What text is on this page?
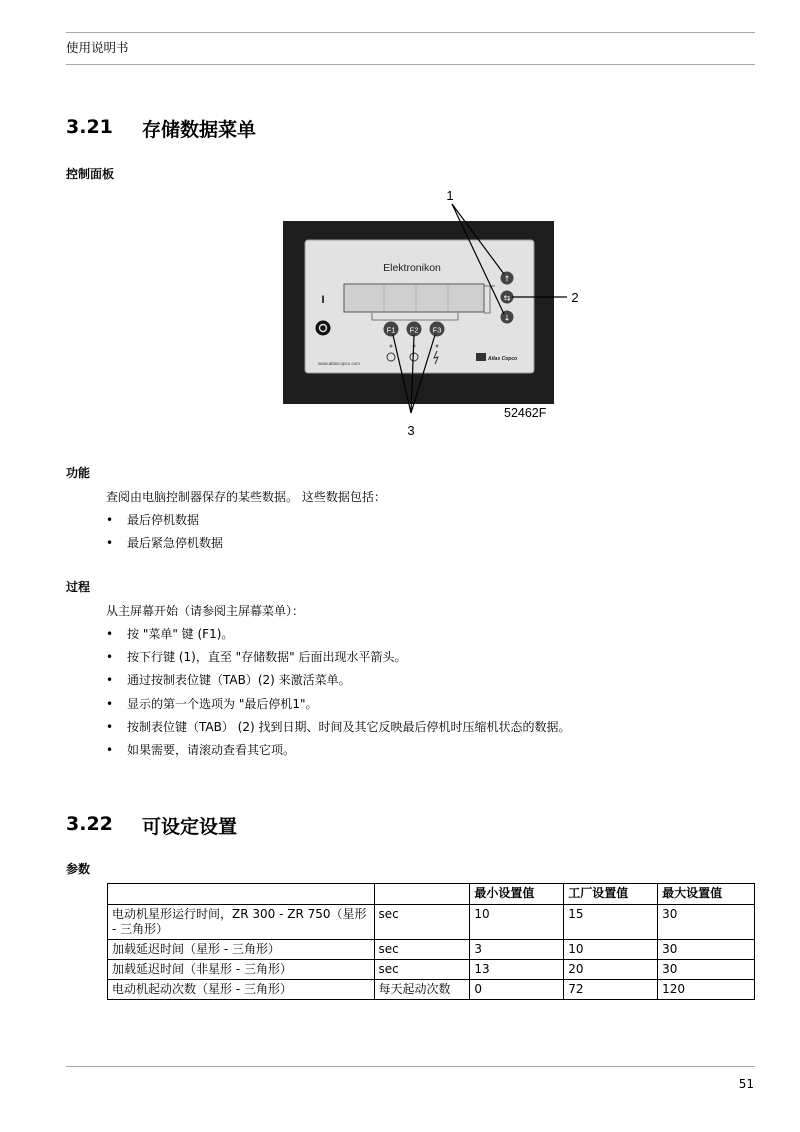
使用说明书
3.21 存储数据菜单
控制面板
Elektronikon
I
F1 F2 F3
↑
⇆
↓
www.atlascopco.com
Atlas Copco
1
2
3
52462F
功能
查阅由电脑控制器保存的某些数据。 这些数据包括：
• 最后停机数据
• 最后紧急停机数据
过程
从主屏幕开始（请参阅主屏幕菜单）：
• 按 "菜单" 键 (F1)。
• 按下行键 (1)，直至 "存储数据" 后面出现水平箭头。
• 通过按制表位键（TAB）(2) 来激活菜单。
• 显示的第一个选项为 "最后停机1"。
• 按制表位键（TAB） (2) 找到日期、时间及其它反映最后停机时压缩机状态的数据。
• 如果需要，请滚动查看其它项。
3.22 可设定设置
参数
		最小设置值	工厂设置值	最大设置值
电动机星形运行时间，ZR 300 - ZR 750（星形 - 三角形）	sec	10	15	30
加载延迟时间（星形 - 三角形）	sec	3	10	30
加载延迟时间（非星形 - 三角形）	sec	13	20	30
电动机起动次数（星形 - 三角形）	每天起动次数	0	72	120
51
